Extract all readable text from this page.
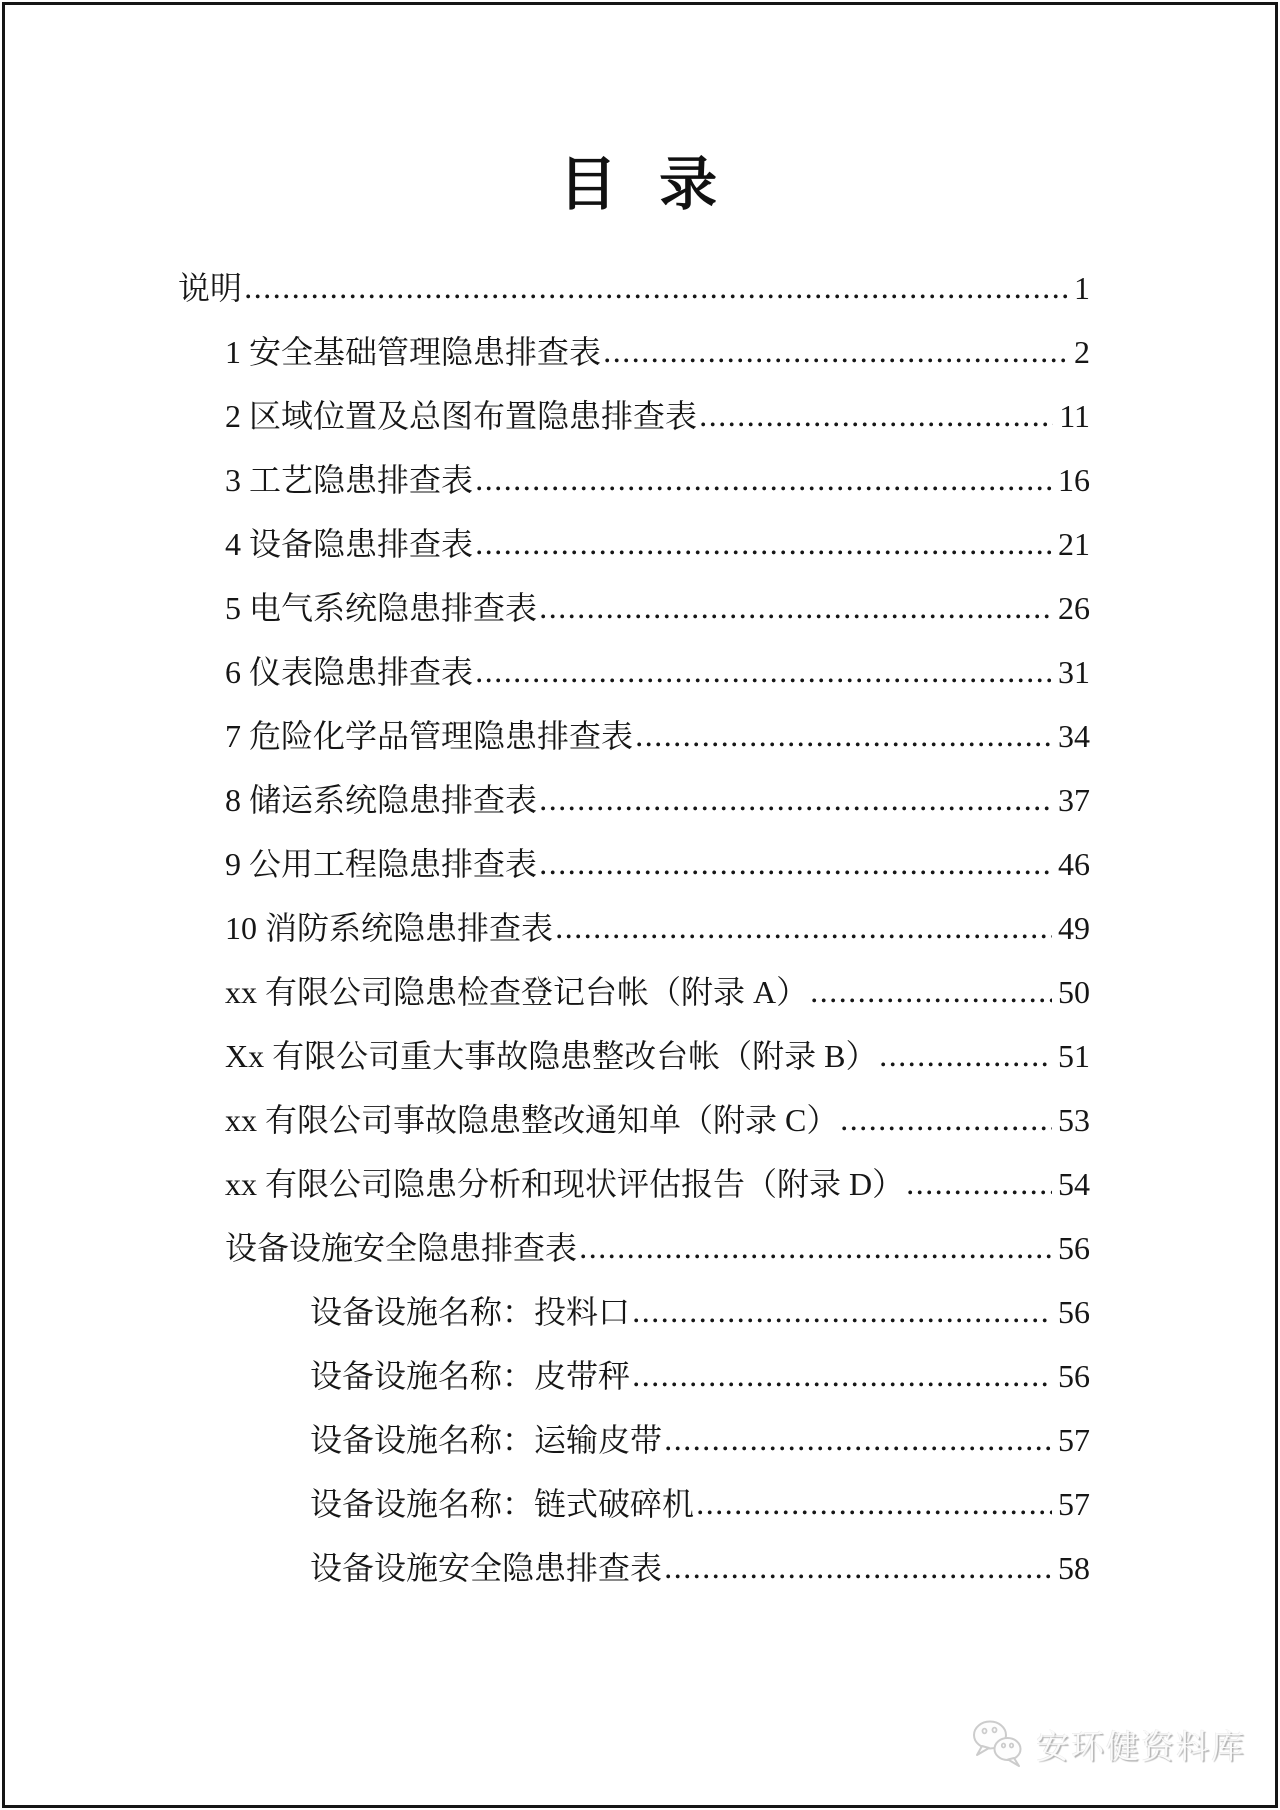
目 录
说明	1
1 安全基础管理隐患排查表	2
2 区域位置及总图布置隐患排查表	11
3 工艺隐患排查表	16
4 设备隐患排查表	21
5 电气系统隐患排查表	26
6 仪表隐患排查表	31
7 危险化学品管理隐患排查表	34
8 储运系统隐患排查表	37
9 公用工程隐患排查表	46
10 消防系统隐患排查表	49
xx 有限公司隐患检查登记台帐（附录 A）	50
Xx 有限公司重大事故隐患整改台帐（附录 B）	51
xx 有限公司事故隐患整改通知单（附录 C）	53
xx 有限公司隐患分析和现状评估报告（附录 D）	54
设备设施安全隐患排查表	56
设备设施名称：投料口	56
设备设施名称：皮带秤	56
设备设施名称：运输皮带	57
设备设施名称：链式破碎机	57
设备设施安全隐患排查表	58
安环健资料库
